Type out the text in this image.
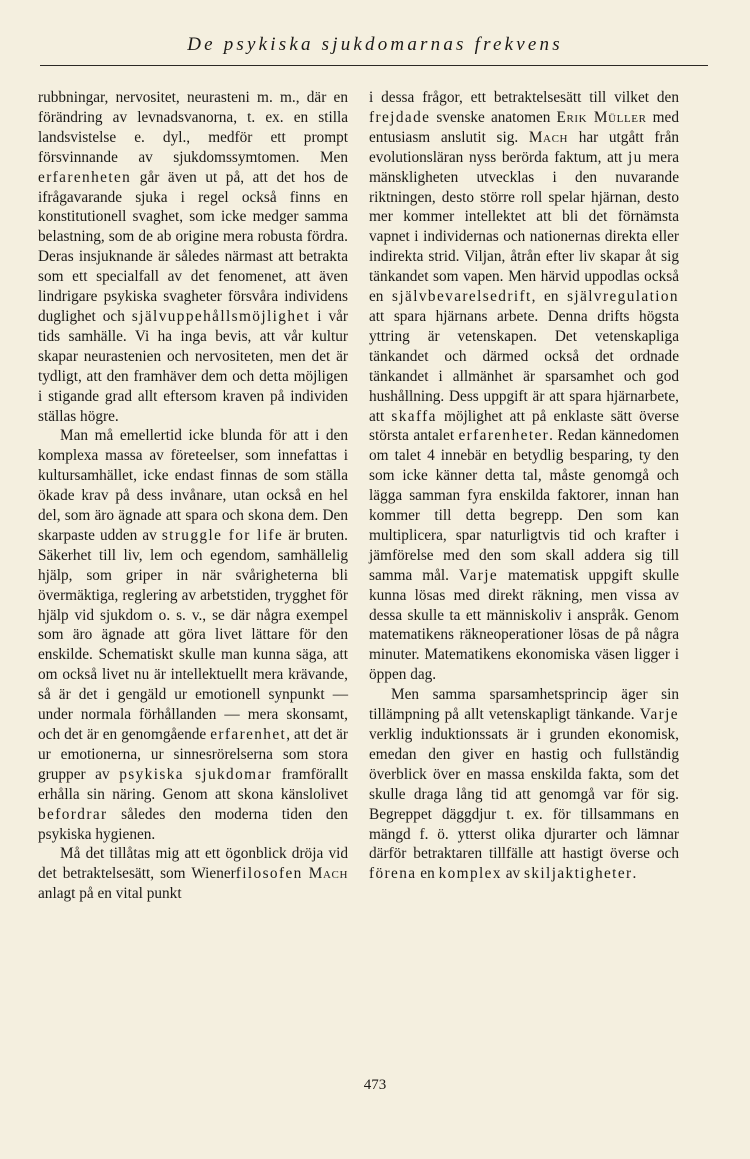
De psykiska sjukdomarnas frekvens

rubbningar, nervositet, neurasteni m. m., där en förändring av levnadsvanorna, t. ex. en stilla landsvistelse e. dyl., medför ett prompt försvinnande av sjukdomssymtomen. Men erfarenheten går även ut på, att det hos de ifrågavarande sjuka i regel också finns en konstitutionell svaghet, som icke medger samma belastning, som de ab origine mera robusta fördra. Deras insjuknande är således närmast att betrakta som ett specialfall av det fenomenet, att även lindrigare psykiska svagheter försvåra individens duglighet och självuppehållsmöjlighet i vår tids samhälle. Vi ha inga bevis, att vår kultur skapar neurastenien och nervositeten, men det är tydligt, att den framhäver dem och detta möjligen i stigande grad allt eftersom kraven på individen ställas högre.

Man må emellertid icke blunda för att i den komplexa massa av företeelser, som innefattas i kultursamhället, icke endast finnas de som ställa ökade krav på dess invånare, utan också en hel del, som äro ägnade att spara och skona dem. Den skarpaste udden av struggle for life är bruten. Säkerhet till liv, lem och egendom, samhällelig hjälp, som griper in när svårigheterna bli övermäktiga, reglering av arbetstiden, trygghet för hjälp vid sjukdom o. s. v., se där några exempel som äro ägnade att göra livet lättare för den enskilde. Schematiskt skulle man kunna säga, att om också livet nu är intellektuellt mera krävande, så är det i gengäld ur emotionell synpunkt — under normala förhållanden — mera skonsamt, och det är en genomgående erfarenhet, att det är ur emotionerna, ur sinnesrörelserna som stora grupper av psykiska sjukdomar framförallt erhålla sin näring. Genom att skona känslolivet befordrar således den moderna tiden den psykiska hygienen.

Må det tillåtas mig att ett ögonblick dröja vid det betraktelsesätt, som Wienerfilosofen Mach anlagt på en vital punkt

i dessa frågor, ett betraktelsesätt till vilket den frejdade svenske anatomen Erik Müller med entusiasm anslutit sig. Mach har utgått från evolutionsläran nyss berörda faktum, att ju mera mänskligheten utvecklas i den nuvarande riktningen, desto större roll spelar hjärnan, desto mer kommer intellektet att bli det förnämsta vapnet i individernas och nationernas direkta eller indirekta strid. Viljan, åtrån efter liv skapar åt sig tänkandet som vapen. Men härvid uppodlas också en självbevarelsedrift, en självregulation att spara hjärnans arbete. Denna drifts högsta yttring är vetenskapen. Det vetenskapliga tänkandet och därmed också det ordnade tänkandet i allmänhet är sparsamhet och god hushållning. Dess uppgift är att spara hjärnarbete, att skaffa möjlighet att på enklaste sätt överse största antalet erfarenheter. Redan kännedomen om talet 4 innebär en betydlig besparing, ty den som icke känner detta tal, måste genomgå och lägga samman fyra enskilda faktorer, innan han kommer till detta begrepp. Den som kan multiplicera, spar naturligtvis tid och krafter i jämförelse med den som skall addera sig till samma mål. Varje matematisk uppgift skulle kunna lösas med direkt räkning, men vissa av dessa skulle ta ett människoliv i anspråk. Genom matematikens räkneoperationer lösas de på några minuter. Matematikens ekonomiska väsen ligger i öppen dag.

Men samma sparsamhetsprincip äger sin tillämpning på allt vetenskapligt tänkande. Varje verklig induktionssats är i grunden ekonomisk, emedan den giver en hastig och fullständig överblick över en massa enskilda fakta, som det skulle draga lång tid att genomgå var för sig. Begreppet däggdjur t. ex. för tillsammans en mängd f. ö. ytterst olika djurarter och lämnar därför betraktaren tillfälle att hastigt överse och förena en komplex av skiljaktigheter.

473
